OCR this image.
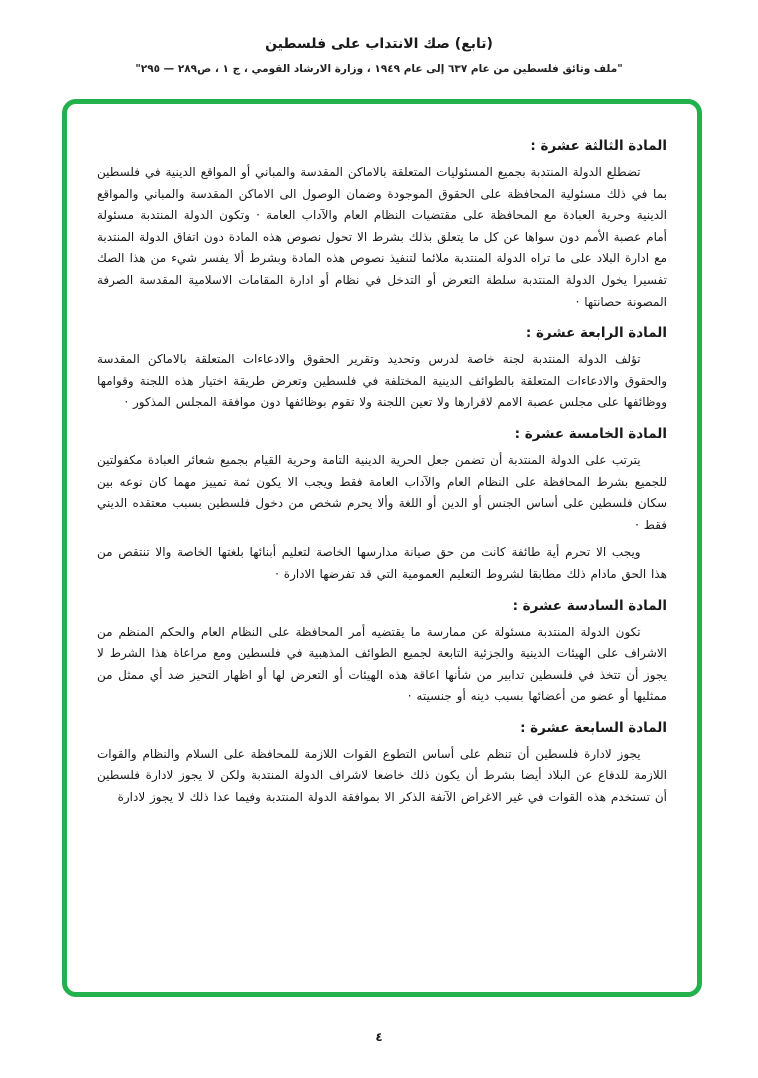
(تابع) صك الانتداب على فلسطين
"ملف وثائق فلسطين من عام ٦٣٧ إلى عام ١٩٤٩ ، وزارة الارشاد القومي ، ج ١ ، ص٢٨٩ — ٢٩٥"
المادة الثالثة عشرة :

تضطلع الدولة المنتدبة بجميع المسئوليات المتعلقة بالاماكن المقدسة والمباني أو المواقع الدينية في فلسطين بما في ذلك مسئولية المحافظة على الحقوق الموجودة وضمان الوصول الى الاماكن المقدسة والمباني والمواقع الدينية وحرية العبادة مع المحافظة على مقتضيات النظام العام والآداب العامة · وتكون الدولة المنتدبة مسئولة أمام عصبة الأمم دون سواها عن كل ما يتعلق بذلك بشرط الا تحول نصوص هذه المادة دون اتفاق الدولة المنتدبة مع ادارة البلاد على ما تراه الدولة المنتدبة ملائما لتنفيذ نصوص هذه المادة وبشرط ألا يفسر شيء من هذا الصك تفسيرا يخول الدولة المنتدبة سلطة التعرض أو التدخل في نظام أو ادارة المقامات الاسلامية المقدسة الصرفة المصونة حصانتها ·

المادة الرابعة عشرة :

تؤلف الدولة المنتدبة لجنة خاصة لدرس وتحديد وتقرير الحقوق والادعاءات المتعلقة بالاماكن المقدسة والحقوق والادعاءات المتعلقة بالطوائف الدينية المختلفة في فلسطين وتعرض طريقة اختيار هذه اللجنة وقوامها ووظائفها على مجلس عصبة الامم لاقرارها ولا تعين اللجنة ولا تقوم بوظائفها دون موافقة المجلس المذكور ·

المادة الخامسة عشرة :

يترتب على الدولة المنتدبة أن تضمن جعل الحرية الدينية التامة وحرية القيام بجميع شعائر العبادة مكفولتين للجميع بشرط المحافظة على النظام العام والآداب العامة فقط ويجب الا يكون ثمة تمييز مهما كان نوعه بين سكان فلسطين على أساس الجنس أو الدين أو اللغة وألا يحرم شخص من دخول فلسطين بسبب معتقده الديني فقط ·

ويجب الا تحرم أية طائفة كانت من حق صيانة مدارسها الخاصة لتعليم أبنائها بلغتها الخاصة والا تنتقص من هذا الحق مادام ذلك مطابقا لشروط التعليم العمومية التي قد تفرضها الادارة ·

المادة السادسة عشرة :

تكون الدولة المنتدبة مسئولة عن ممارسة ما يقتضيه أمر المحافظة على النظام العام والحكم المنظم من الاشراف على الهيئات الدينية والجزئية التابعة لجميع الطوائف المذهبية في فلسطين ومع مراعاة هذا الشرط لا يجوز أن تتخذ في فلسطين تدابير من شأنها اعاقة هذه الهيئات أو التعرض لها أو اظهار التحيز ضد أي ممثل من ممثليها أو عضو من أعضائها بسبب دينه أو جنسيته ·

المادة السابعة عشرة :

يجوز لادارة فلسطين أن تنظم على أساس التطوع القوات اللازمة للمحافظة على السلام والنظام والقوات اللازمة للدفاع عن البلاد أيضا بشرط أن يكون ذلك خاضعا لاشراف الدولة المنتدبة ولكن لا يجوز لادارة فلسطين أن تستخدم هذه القوات في غير الاغراض الآنفة الذكر الا بموافقة الدولة المنتدبة وفيما عدا ذلك لا يجوز لادارة

٤
